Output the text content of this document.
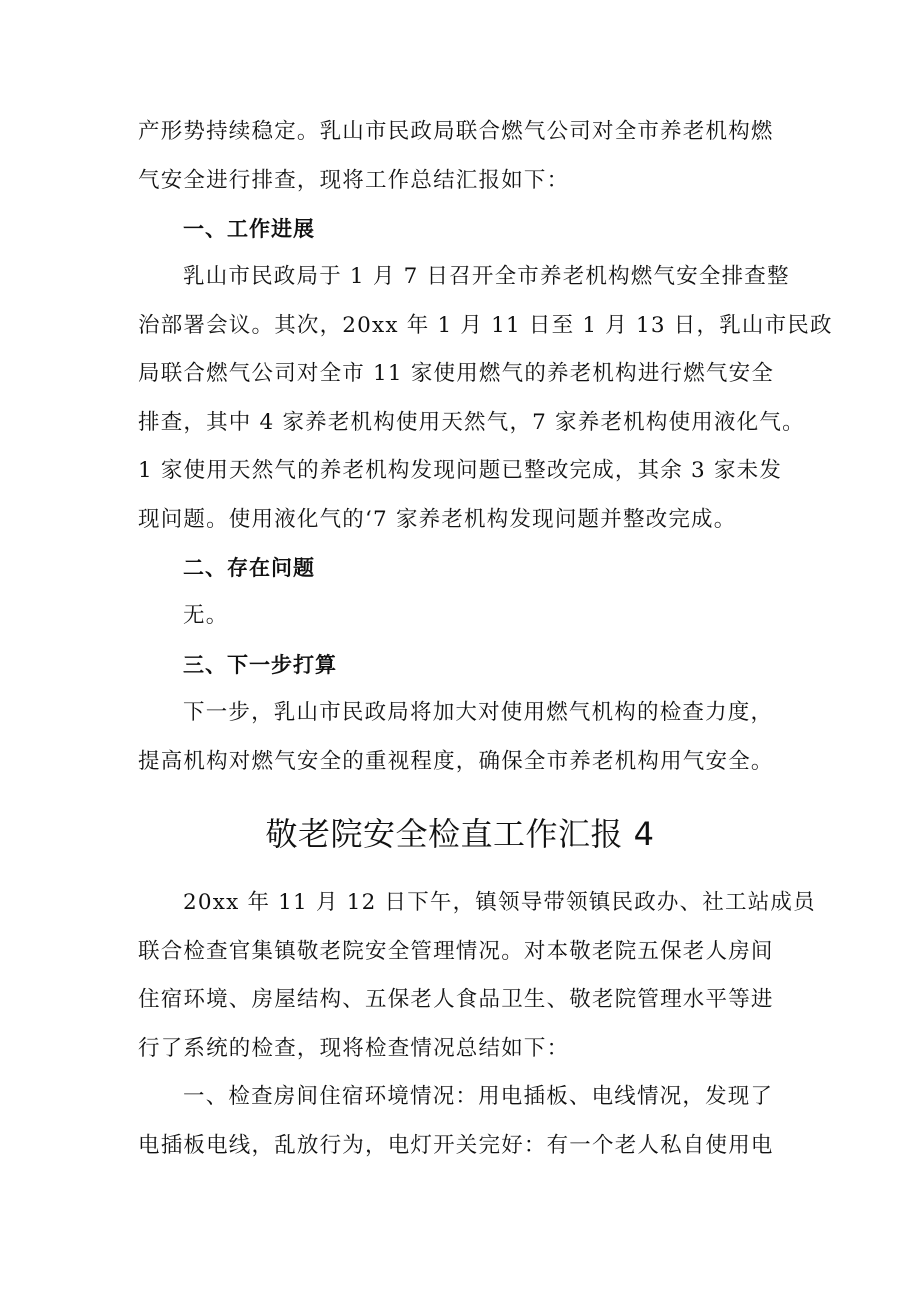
产形势持续稳定。乳山市民政局联合燃气公司对全市养老机构燃
气安全进行排查，现将工作总结汇报如下：
一、工作进展
乳山市民政局于 1 月 7 日召开全市养老机构燃气安全排查整
治部署会议。其次，20xx 年 1 月 11 日至 1 月 13 日，乳山市民政
局联合燃气公司对全市 11 家使用燃气的养老机构进行燃气安全
排查，其中 4 家养老机构使用天然气，7 家养老机构使用液化气。
1 家使用天然气的养老机构发现问题已整改完成，其余 3 家未发
现问题。使用液化气的‘7 家养老机构发现问题并整改完成。
二、存在问题
无。
三、下一步打算
下一步，乳山市民政局将加大对使用燃气机构的检查力度，
提高机构对燃气安全的重视程度，确保全市养老机构用气安全。
敬老院安全检直工作汇报 4
20xx 年 11 月 12 日下午，镇领导带领镇民政办、社工站成员
联合检查官集镇敬老院安全管理情况。对本敬老院五保老人房间
住宿环境、房屋结构、五保老人食品卫生、敬老院管理水平等进
行了系统的检查，现将检查情况总结如下：
一、检查房间住宿环境情况：用电插板、电线情况，发现了
电插板电线，乱放行为，电灯开关完好：有一个老人私自使用电
